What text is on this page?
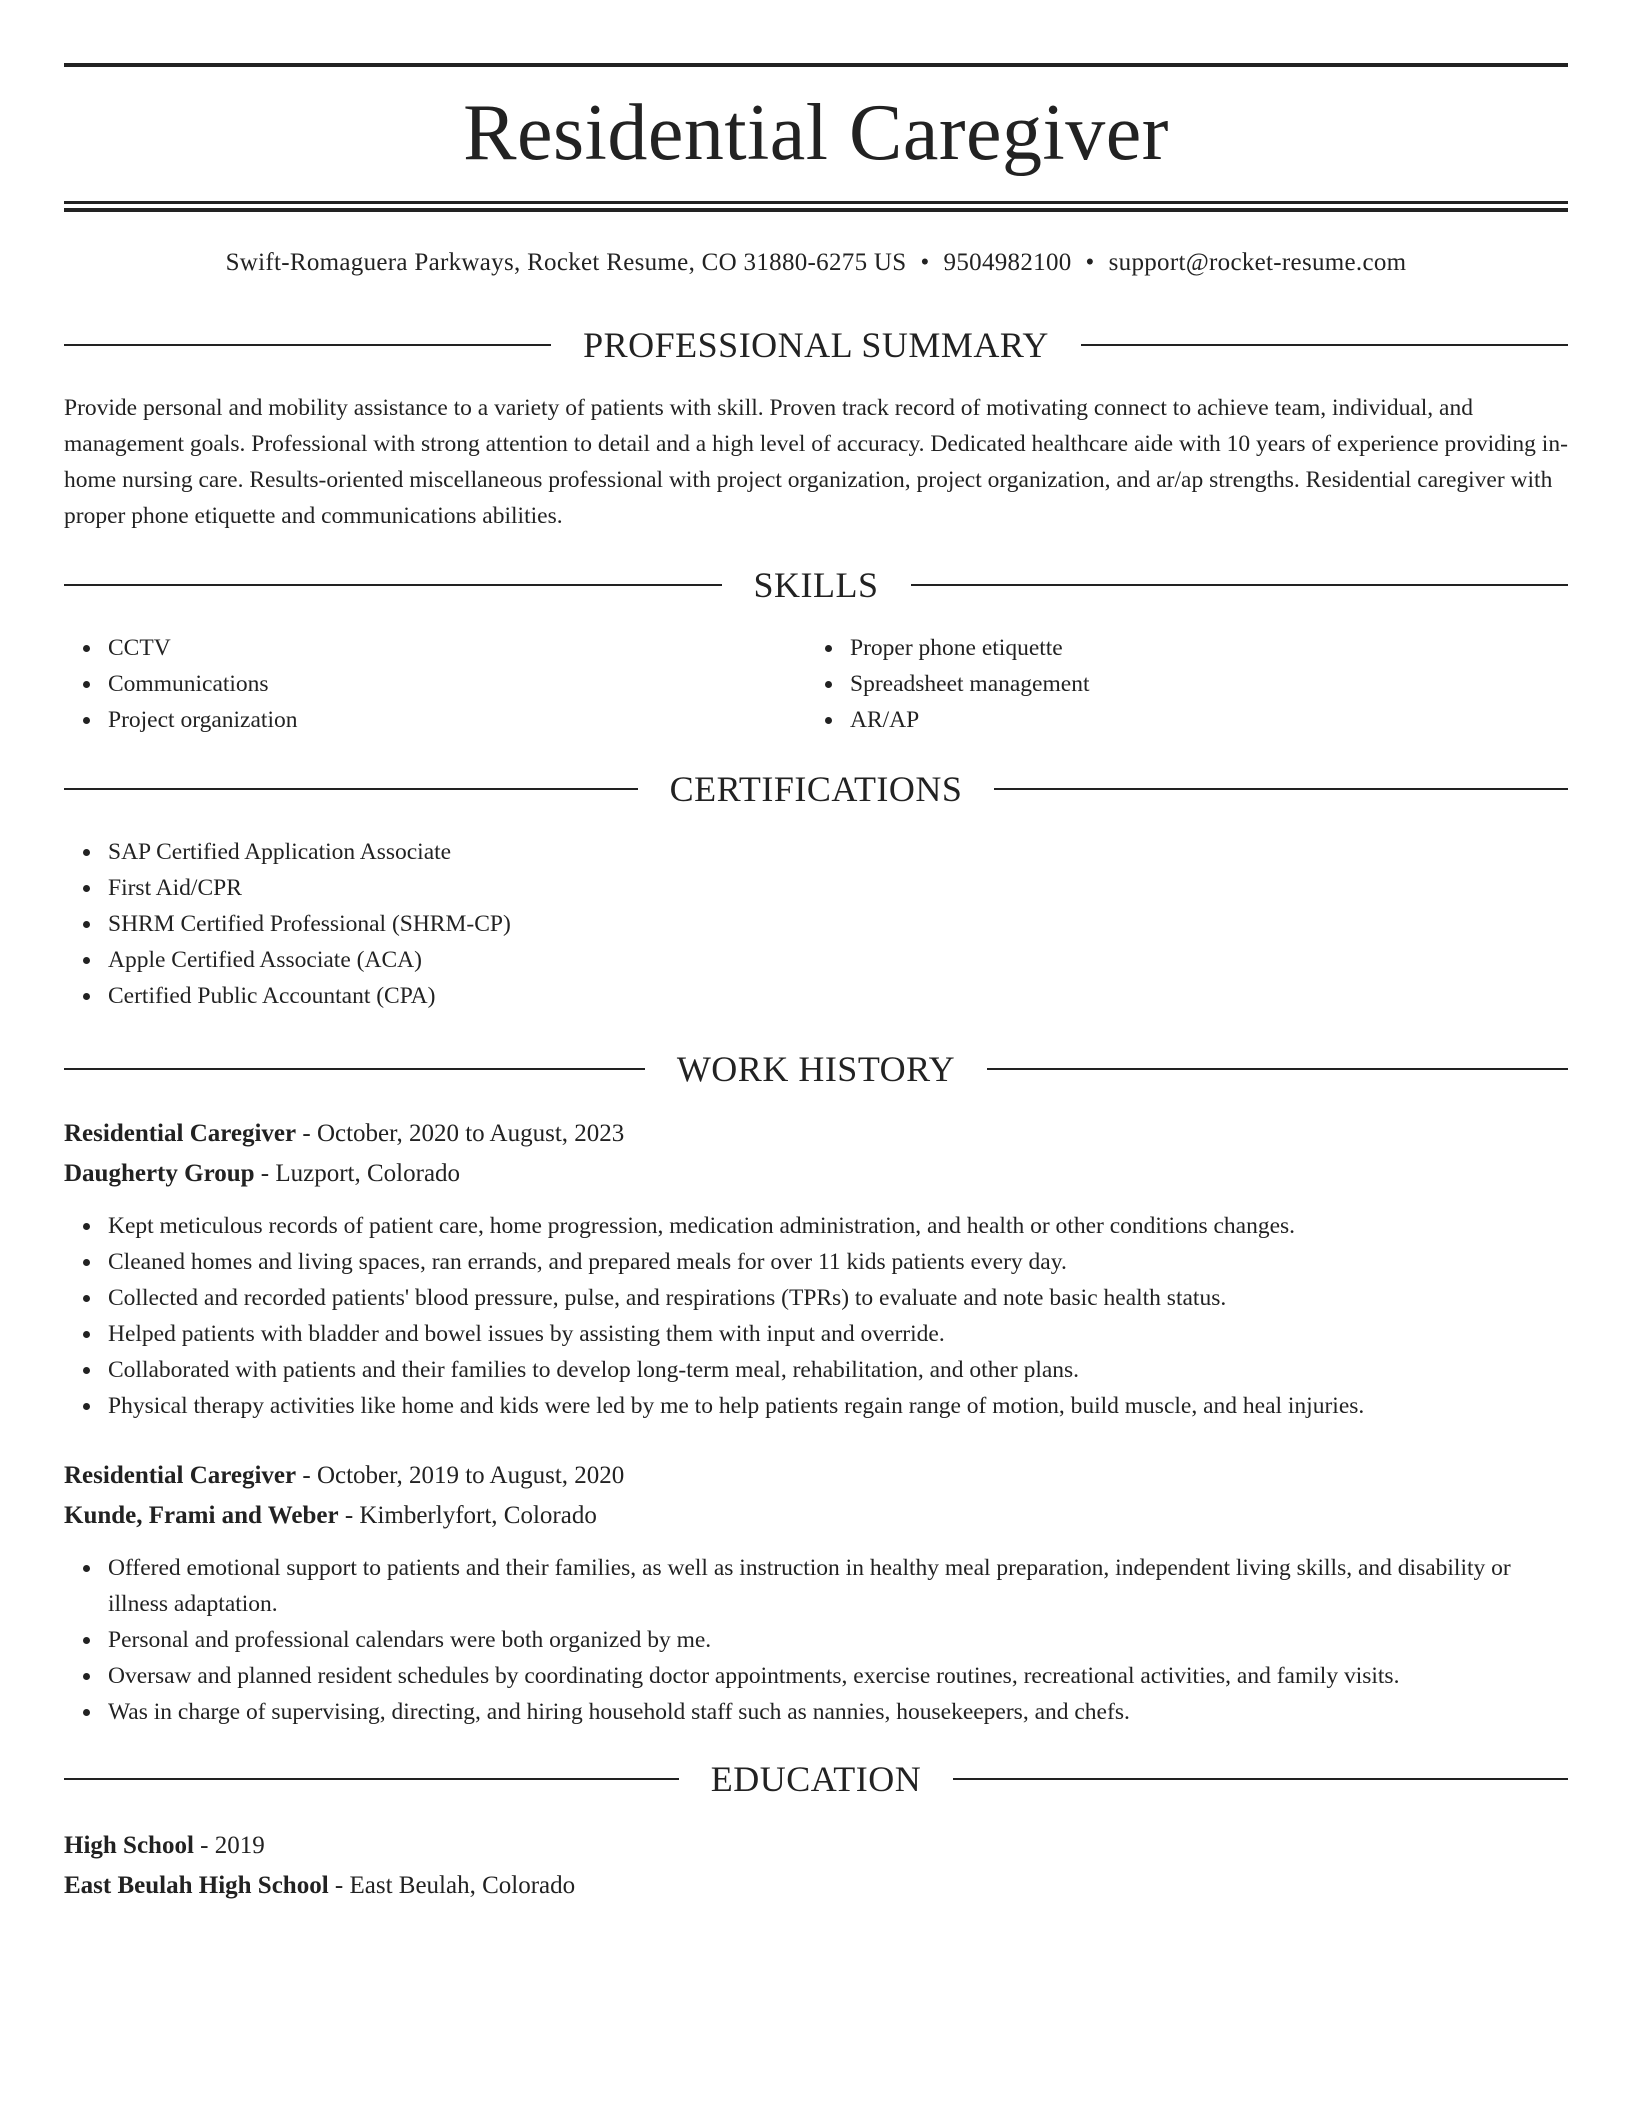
Residential Caregiver
Swift-Romaguera Parkways, Rocket Resume, CO 31880-6275 US • 9504982100 • support@rocket-resume.com
PROFESSIONAL SUMMARY
Provide personal and mobility assistance to a variety of patients with skill. Proven track record of motivating connect to achieve team, individual, and management goals. Professional with strong attention to detail and a high level of accuracy. Dedicated healthcare aide with 10 years of experience providing in-home nursing care. Results-oriented miscellaneous professional with project organization, project organization, and ar/ap strengths. Residential caregiver with proper phone etiquette and communications abilities.
SKILLS
CCTV
Communications
Project organization
Proper phone etiquette
Spreadsheet management
AR/AP
CERTIFICATIONS
SAP Certified Application Associate
First Aid/CPR
SHRM Certified Professional (SHRM-CP)
Apple Certified Associate (ACA)
Certified Public Accountant (CPA)
WORK HISTORY
Residential Caregiver - October, 2020 to August, 2023
Daugherty Group - Luzport, Colorado
Kept meticulous records of patient care, home progression, medication administration, and health or other conditions changes.
Cleaned homes and living spaces, ran errands, and prepared meals for over 11 kids patients every day.
Collected and recorded patients' blood pressure, pulse, and respirations (TPRs) to evaluate and note basic health status.
Helped patients with bladder and bowel issues by assisting them with input and override.
Collaborated with patients and their families to develop long-term meal, rehabilitation, and other plans.
Physical therapy activities like home and kids were led by me to help patients regain range of motion, build muscle, and heal injuries.
Residential Caregiver - October, 2019 to August, 2020
Kunde, Frami and Weber - Kimberlyfort, Colorado
Offered emotional support to patients and their families, as well as instruction in healthy meal preparation, independent living skills, and disability or illness adaptation.
Personal and professional calendars were both organized by me.
Oversaw and planned resident schedules by coordinating doctor appointments, exercise routines, recreational activities, and family visits.
Was in charge of supervising, directing, and hiring household staff such as nannies, housekeepers, and chefs.
EDUCATION
High School - 2019
East Beulah High School - East Beulah, Colorado
